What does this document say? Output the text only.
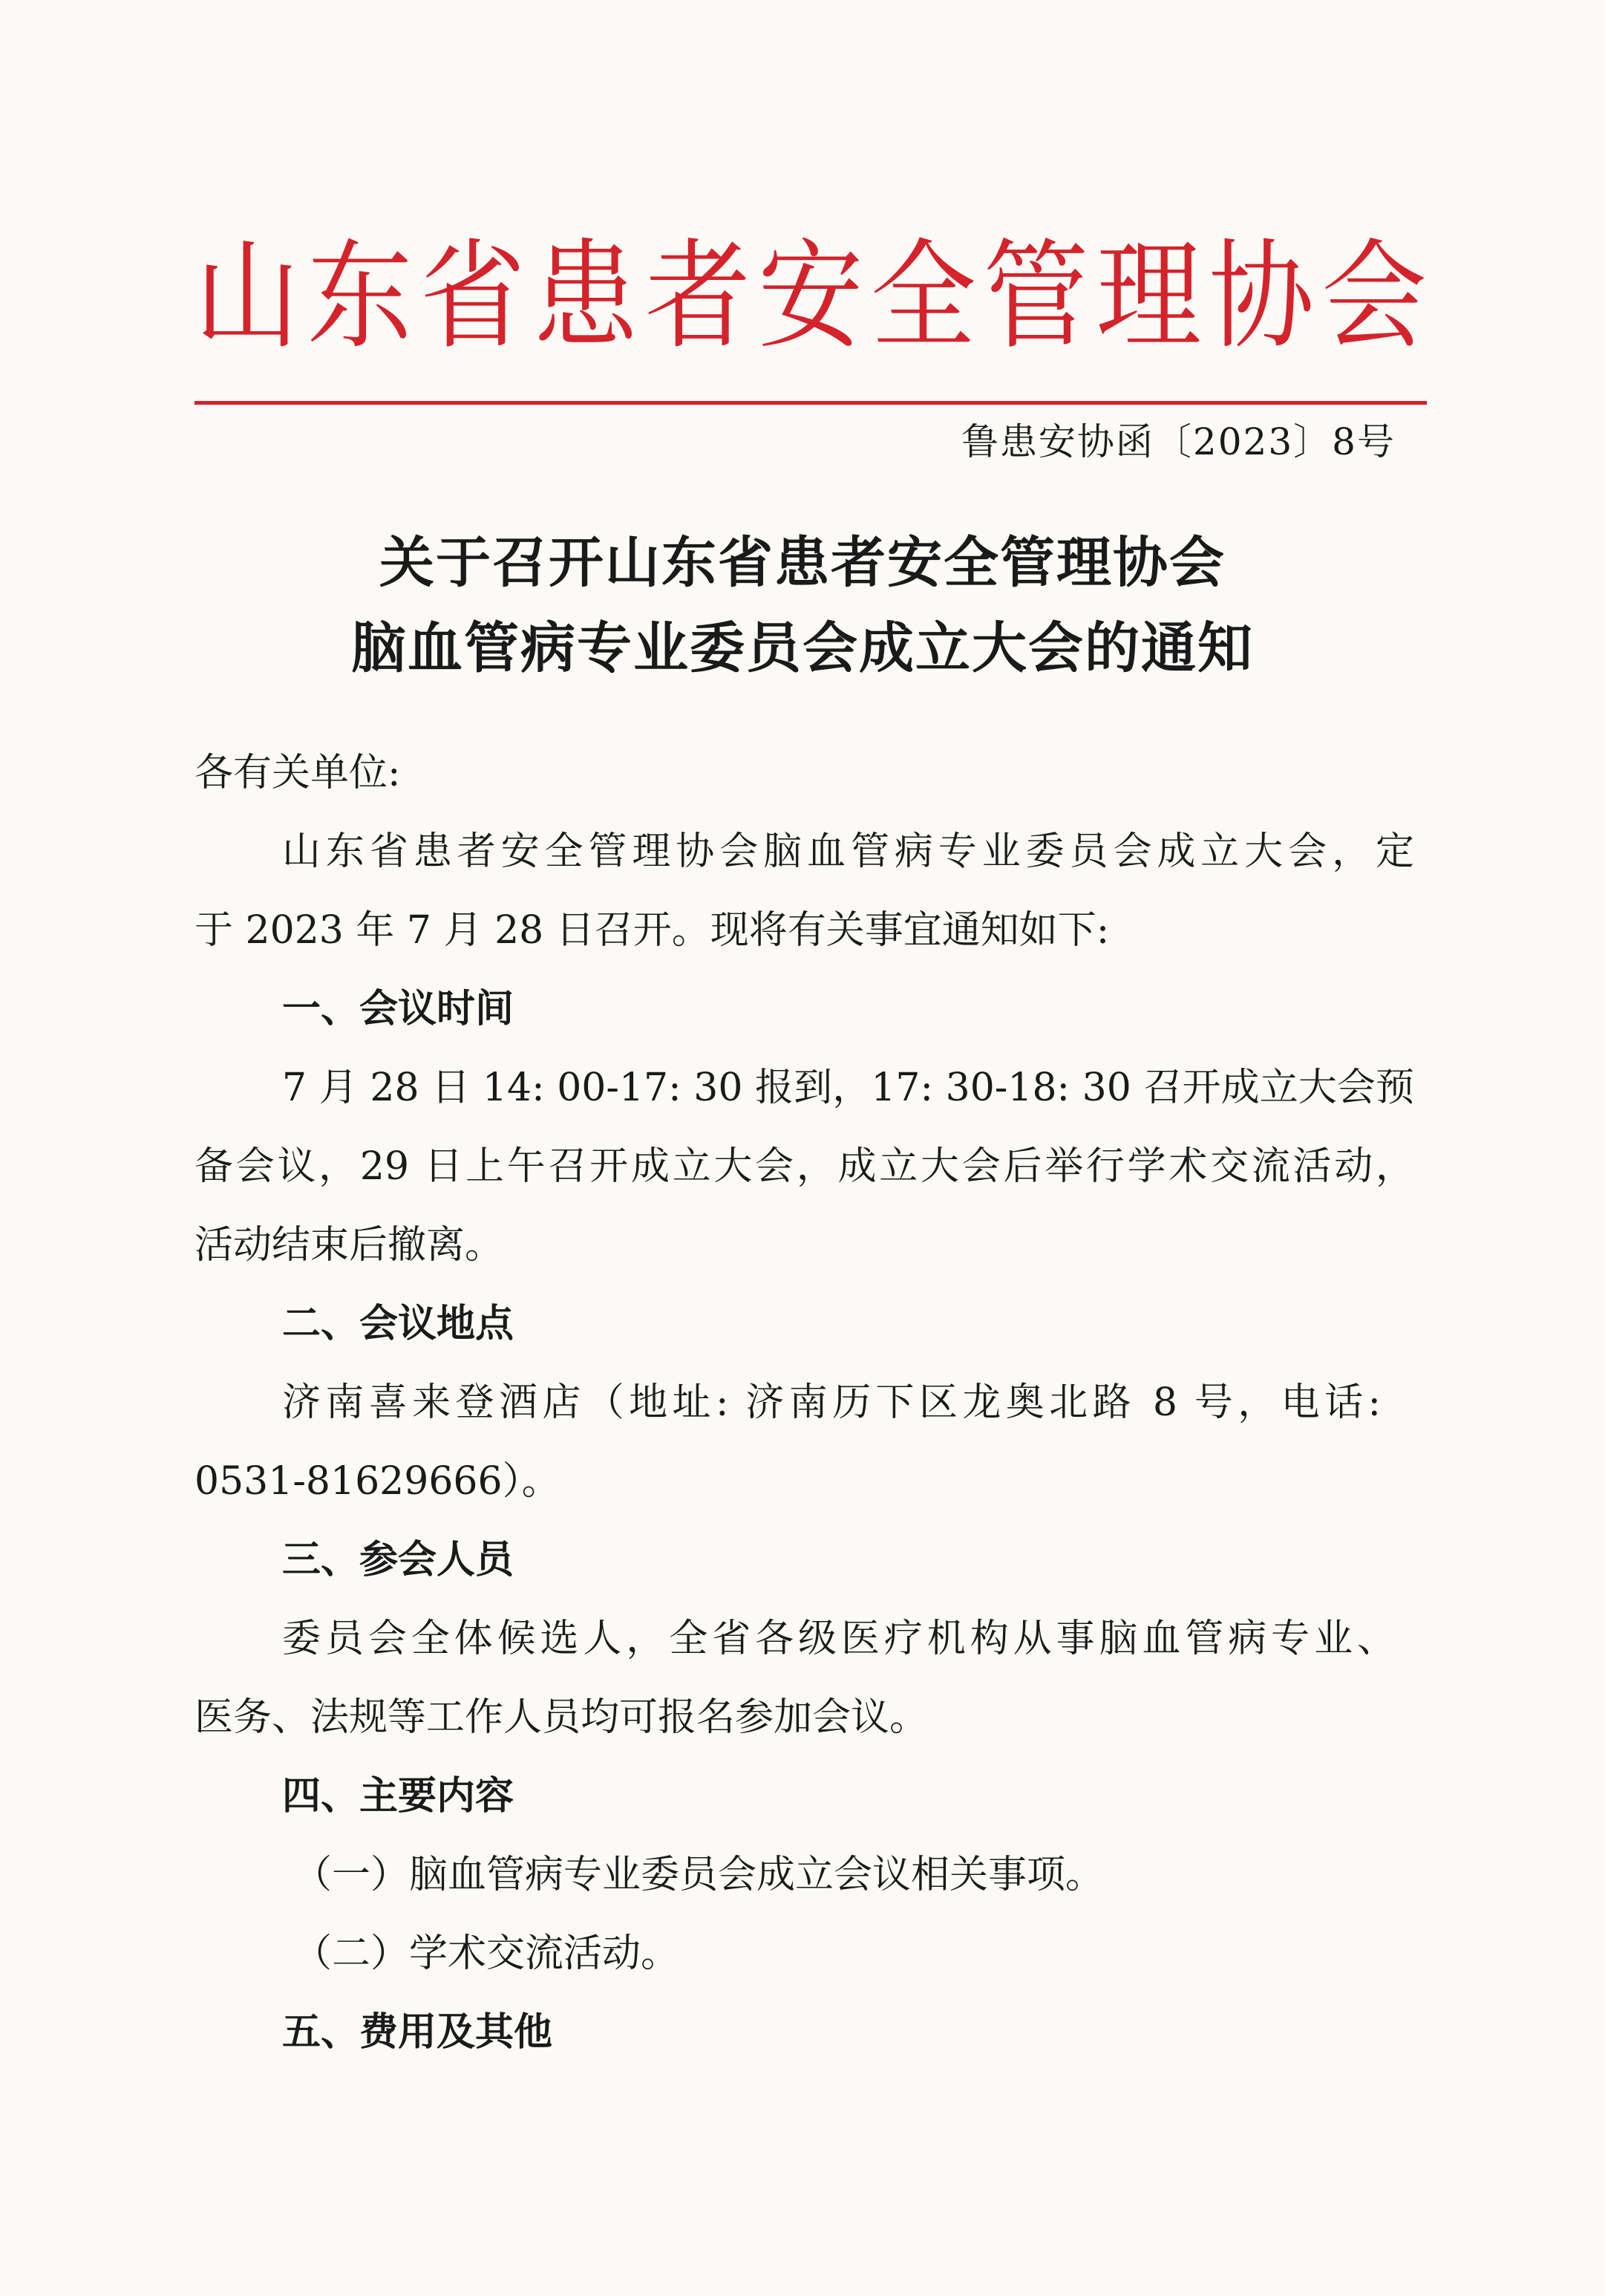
山 东 省 患 者 安 全 管 理 协 会
鲁患安协函〔2023〕8号
关于召开山东省患者安全管理协会
脑血管病专业委员会成立大会的通知
各有关单位:
山东省患者安全管理协会脑血管病专业委员会成立大会，定
于 2023 年 7 月 28 日召开。现将有关事宜通知如下:
一、会议时间
7 月 28 日 14: 00-17: 30 报到，17: 30-18: 30 召开成立大会预
备会议，29 日上午召开成立大会，成立大会后举行学术交流活动，
活动结束后撤离。
二、会议地点
济南喜来登酒店（地址: 济南历下区龙奥北路 8 号，电话:
0531-81629666）。
三、参会人员
委员会全体候选人，全省各级医疗机构从事脑血管病专业、
医务、法规等工作人员均可报名参加会议。
四、主要内容
（一）脑血管病专业委员会成立会议相关事项。
（二）学术交流活动。
五、费用及其他
